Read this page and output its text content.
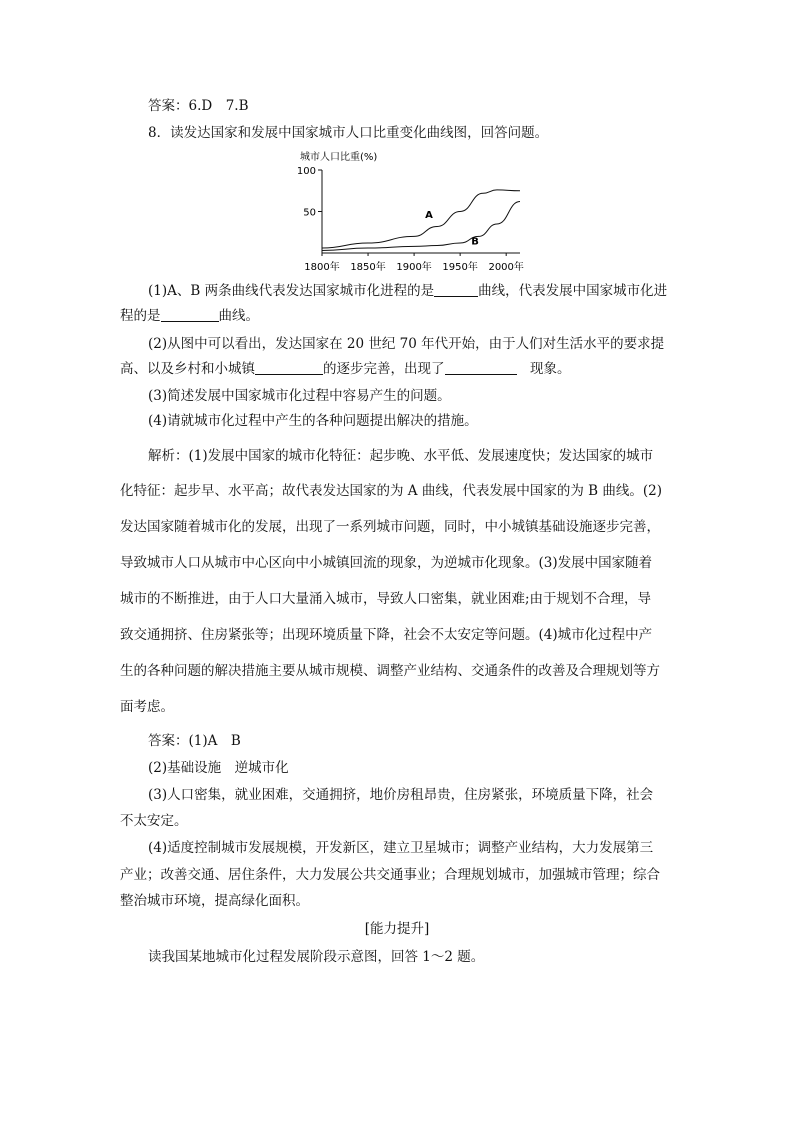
答案：6.D　7.B
8．读发达国家和发展中国家城市人口比重变化曲线图，回答问题。
城市人口比重(%)
100
50
1800年 1850年 1900年 1950年 2000年
A
B
(1)A、B 两条曲线代表发达国家城市化进程的是	曲线，代表发展中国家城市化进
程的是	曲线。
(2)从图中可以看出，发达国家在 20 世纪 70 年代开始，由于人们对生活水平的要求提
高、以及乡村和小城镇	的逐步完善，出现了　	现象。
(3)简述发展中国家城市化过程中容易产生的问题。
(4)请就城市化过程中产生的各种问题提出解决的措施。
解析：(1)发展中国家的城市化特征：起步晚、水平低、发展速度快；发达国家的城市
化特征：起步早、水平高；故代表发达国家的为 A 曲线，代表发展中国家的为 B 曲线。(2)
发达国家随着城市化的发展，出现了一系列城市问题，同时，中小城镇基础设施逐步完善，
导致城市人口从城市中心区向中小城镇回流的现象，为逆城市化现象。(3)发展中国家随着
城市的不断推进，由于人口大量涌入城市，导致人口密集，就业困难;由于规划不合理，导
致交通拥挤、住房紧张等；出现环境质量下降，社会不太安定等问题。(4)城市化过程中产
生的各种问题的解决措施主要从城市规模、调整产业结构、交通条件的改善及合理规划等方
面考虑。
答案：(1)A　B
(2)基础设施　逆城市化
(3)人口密集，就业困难，交通拥挤，地价房租昂贵，住房紧张，环境质量下降，社会
不太安定。
(4)适度控制城市发展规模，开发新区，建立卫星城市；调整产业结构，大力发展第三
产业；改善交通、居住条件，大力发展公共交通事业；合理规划城市，加强城市管理；综合
整治城市环境，提高绿化面积。
[能力提升]
读我国某地城市化过程发展阶段示意图，回答 1～2 题。
